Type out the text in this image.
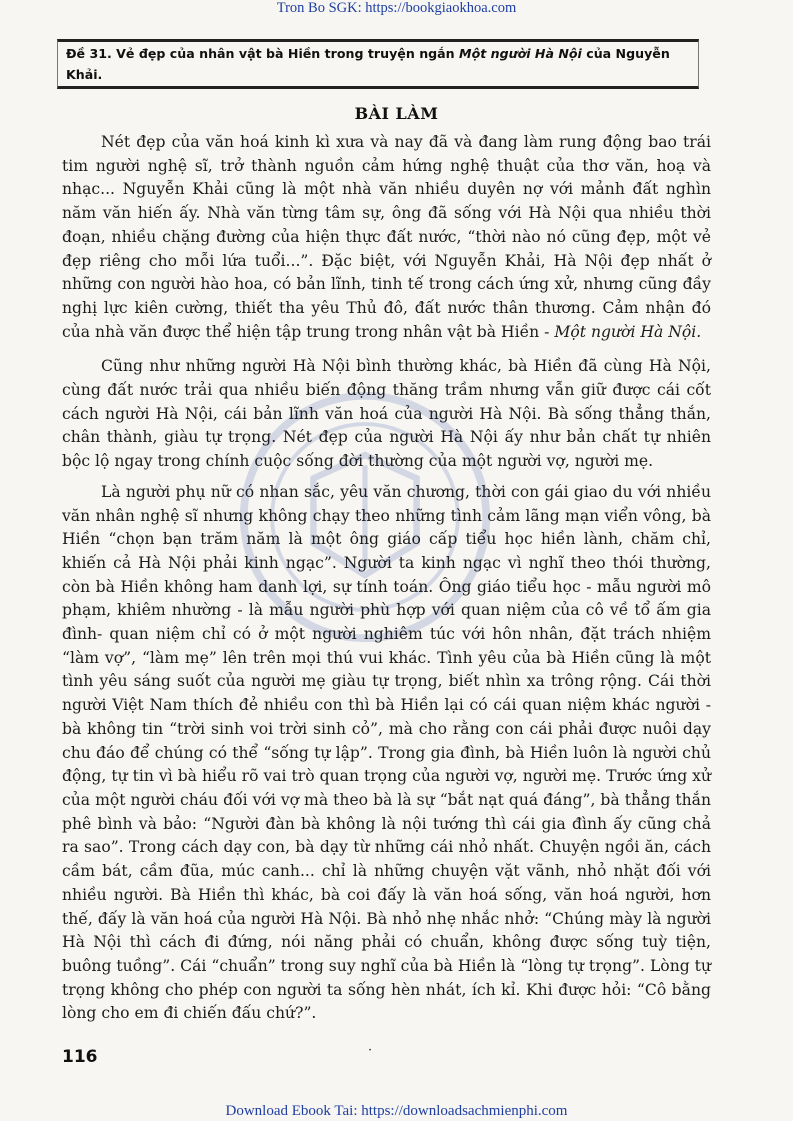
Tron Bo SGK: https://bookgiaokhoa.com
Đề 31. Vẻ đẹp của nhân vật bà Hiền trong truyện ngắn Một người Hà Nội của Nguyễn Khải.
BÀI LÀM

Nét đẹp của văn hoá kinh kì xưa và nay đã và đang làm rung động bao trái tim người nghệ sĩ, trở thành nguồn cảm hứng nghệ thuật của thơ văn, hoạ và nhạc... Nguyễn Khải cũng là một nhà văn nhiều duyên nợ với mảnh đất nghìn năm văn hiến ấy. Nhà văn từng tâm sự, ông đã sống với Hà Nội qua nhiều thời đoạn, nhiều chặng đường của hiện thực đất nước, “thời nào nó cũng đẹp, một vẻ đẹp riêng cho mỗi lứa tuổi...”. Đặc biệt, với Nguyễn Khải, Hà Nội đẹp nhất ở những con người hào hoa, có bản lĩnh, tinh tế trong cách ứng xử, nhưng cũng đầy nghị lực kiên cường, thiết tha yêu Thủ đô, đất nước thân thương. Cảm nhận đó của nhà văn được thể hiện tập trung trong nhân vật bà Hiền - Một người Hà Nội.

Cũng như những người Hà Nội bình thường khác, bà Hiền đã cùng Hà Nội, cùng đất nước trải qua nhiều biến động thăng trầm nhưng vẫn giữ được cái cốt cách người Hà Nội, cái bản lĩnh văn hoá của người Hà Nội. Bà sống thẳng thắn, chân thành, giàu tự trọng. Nét đẹp của người Hà Nội ấy như bản chất tự nhiên bộc lộ ngay trong chính cuộc sống đời thường của một người vợ, người mẹ.

Là người phụ nữ có nhan sắc, yêu văn chương, thời con gái giao du với nhiều văn nhân nghệ sĩ nhưng không chạy theo những tình cảm lãng mạn viển vông, bà Hiền “chọn bạn trăm năm là một ông giáo cấp tiểu học hiền lành, chăm chỉ, khiến cả Hà Nội phải kinh ngạc”. Người ta kinh ngạc vì nghĩ theo thói thường, còn bà Hiền không ham danh lợi, sự tính toán. Ông giáo tiểu học - mẫu người mô phạm, khiêm nhường - là mẫu người phù hợp với quan niệm của cô về tổ ấm gia đình- quan niệm chỉ có ở một người nghiêm túc với hôn nhân, đặt trách nhiệm “làm vợ”, “làm mẹ” lên trên mọi thú vui khác. Tình yêu của bà Hiền cũng là một tình yêu sáng suốt của người mẹ giàu tự trọng, biết nhìn xa trông rộng. Cái thời người Việt Nam thích đẻ nhiều con thì bà Hiền lại có cái quan niệm khác người - bà không tin “trời sinh voi trời sinh cỏ”, mà cho rằng con cái phải được nuôi dạy chu đáo để chúng có thể “sống tự lập”. Trong gia đình, bà Hiền luôn là người chủ động, tự tin vì bà hiểu rõ vai trò quan trọng của người vợ, người mẹ. Trước ứng xử của một người cháu đối với vợ mà theo bà là sự “bắt nạt quá đáng”, bà thẳng thắn phê bình và bảo: “Người đàn bà không là nội tướng thì cái gia đình ấy cũng chả ra sao”. Trong cách dạy con, bà dạy từ những cái nhỏ nhất. Chuyện ngồi ăn, cách cầm bát, cầm đũa, múc canh... chỉ là những chuyện vặt vãnh, nhỏ nhặt đối với nhiều người. Bà Hiền thì khác, bà coi đấy là văn hoá sống, văn hoá người, hơn thế, đấy là văn hoá của người Hà Nội. Bà nhỏ nhẹ nhắc nhở: “Chúng mày là người Hà Nội thì cách đi đứng, nói năng phải có chuẩn, không được sống tuỳ tiện, buông tuồng”. Cái “chuẩn” trong suy nghĩ của bà Hiền là “lòng tự trọng”. Lòng tự trọng không cho phép con người ta sống hèn nhát, ích kỉ. Khi được hỏi: “Cô bằng lòng cho em đi chiến đấu chứ?”.

116	·
Download Ebook Tai: https://downloadsachmienphi.com
